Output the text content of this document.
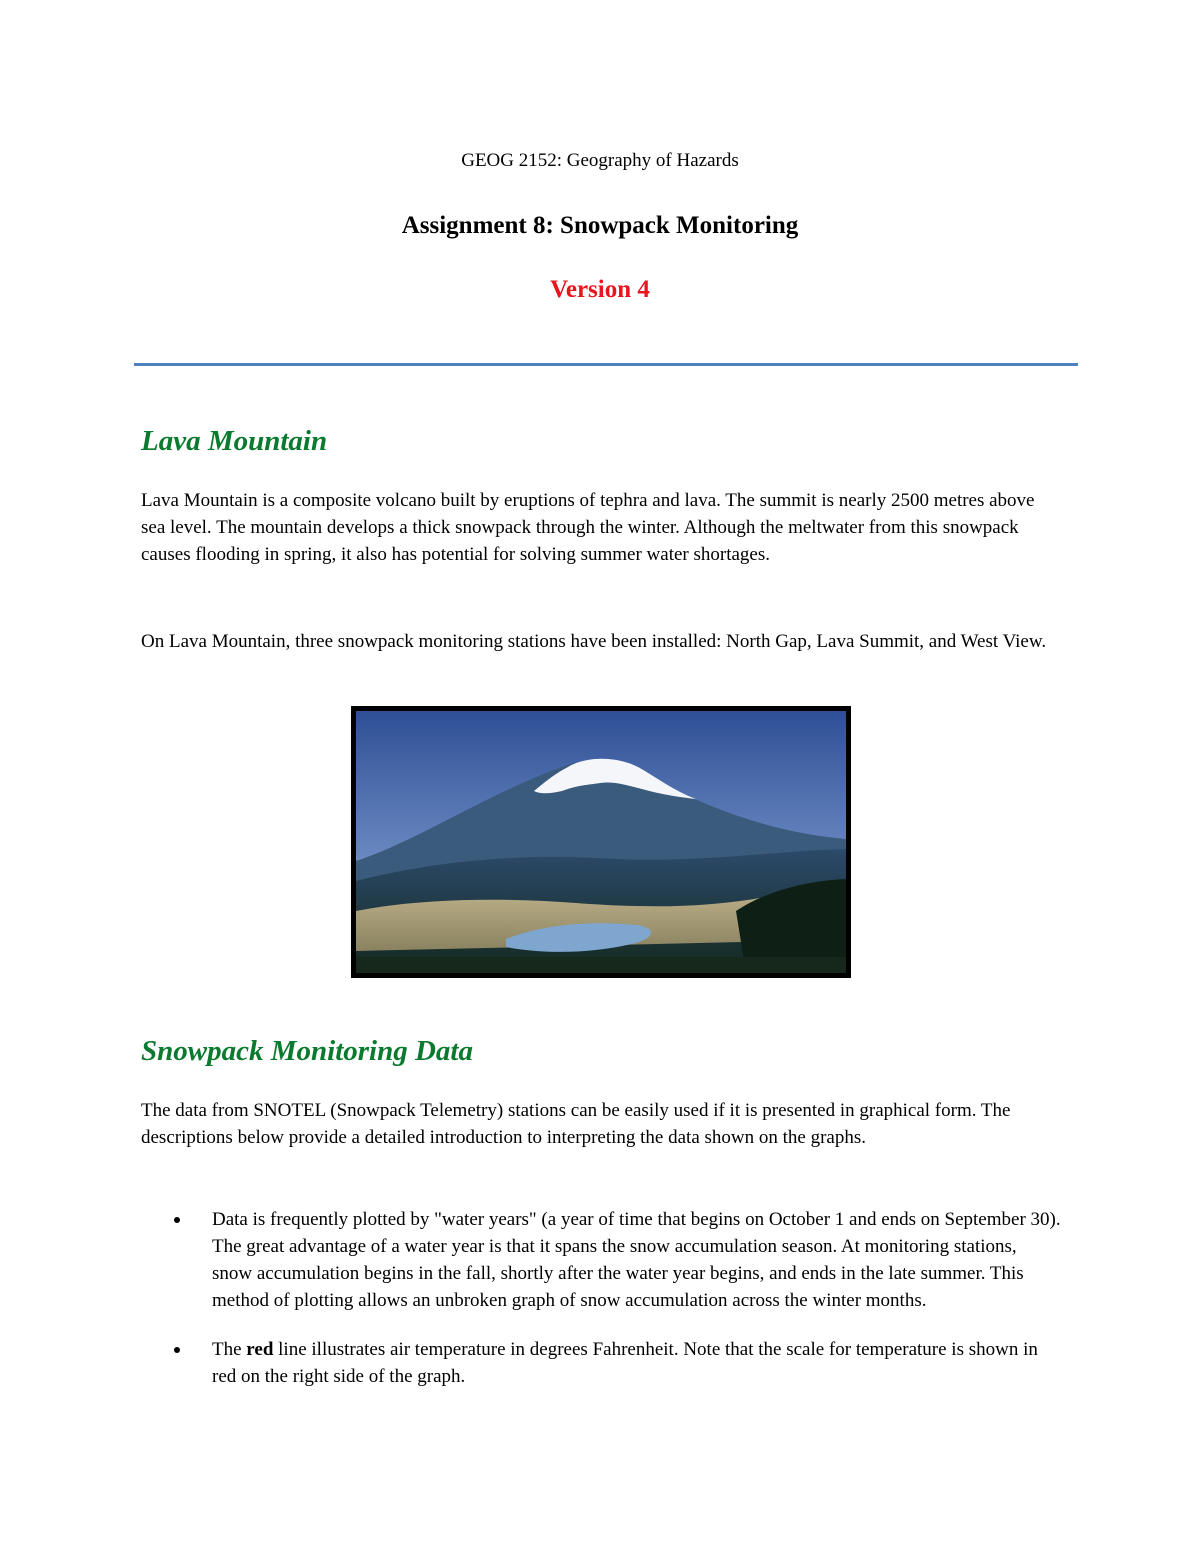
GEOG 2152: Geography of Hazards
Assignment 8: Snowpack Monitoring
Version 4
Lava Mountain

Lava Mountain is a composite volcano built by eruptions of tephra and lava. The summit is nearly 2500 metres above sea level. The mountain develops a thick snowpack through the winter. Although the meltwater from this snowpack causes flooding in spring, it also has potential for solving summer water shortages.

On Lava Mountain, three snowpack monitoring stations have been installed: North Gap, Lava Summit, and West View.

Snowpack Monitoring Data

The data from SNOTEL (Snowpack Telemetry) stations can be easily used if it is presented in graphical form. The descriptions below provide a detailed introduction to interpreting the data shown on the graphs.

Data is frequently plotted by "water years" (a year of time that begins on October 1 and ends on September 30). The great advantage of a water year is that it spans the snow accumulation season. At monitoring stations, snow accumulation begins in the fall, shortly after the water year begins, and ends in the late summer. This method of plotting allows an unbroken graph of snow accumulation across the winter months.
The red line illustrates air temperature in degrees Fahrenheit. Note that the scale for temperature is shown in red on the right side of the graph.
